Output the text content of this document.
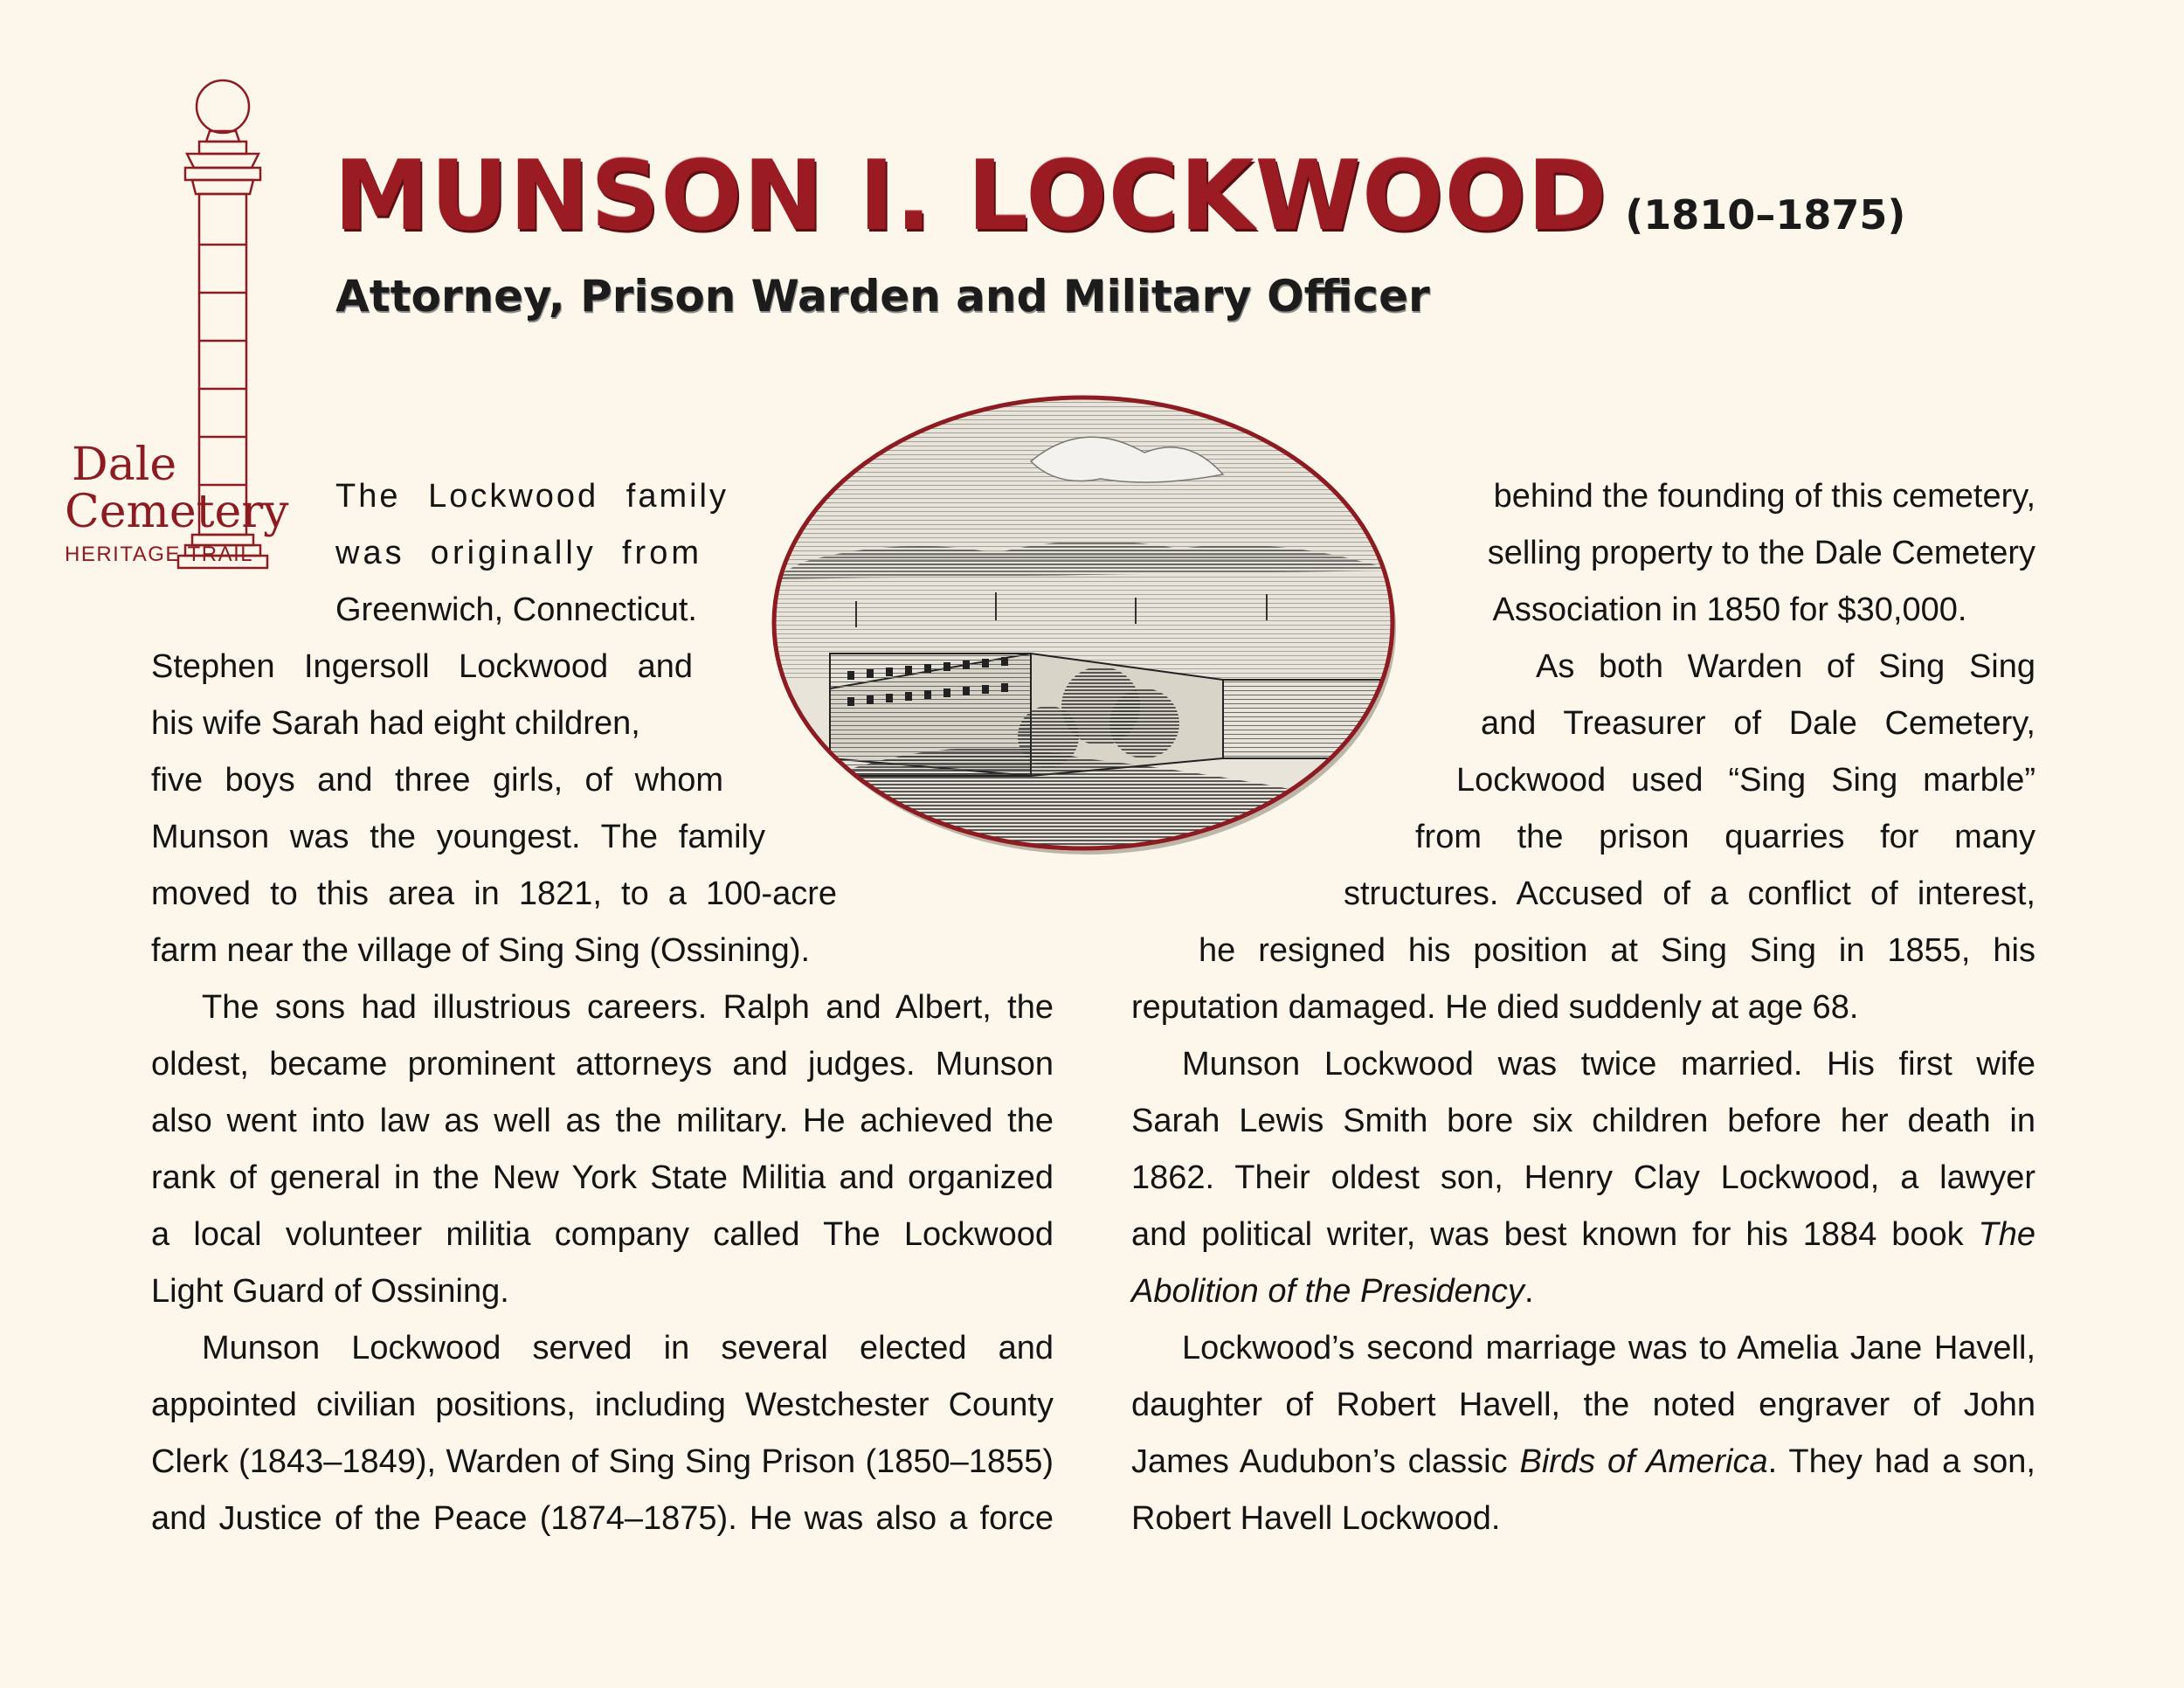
Dale
Cemetery
HERITAGE TRAIL
MUNSON I. LOCKWOOD (1810–1875)
Attorney, Prison Warden and Military Officer

The Lockwood family

was originally from

Greenwich, Connecticut.

Stephen Ingersoll Lockwood and

his wife Sarah had eight children,

five boys and three girls, of whom

Munson was the youngest. The family

moved to this area in 1821, to a 100-acre

farm near the village of Sing Sing (Ossining).

The sons had illustrious careers. Ralph and Albert, the

oldest, became prominent attorneys and judges. Munson

also went into law as well as the military. He achieved the

rank of general in the New York State Militia and organized

a local volunteer militia company called The Lockwood

Light Guard of Ossining.

Munson Lockwood served in several elected and

appointed civilian positions, including Westchester County

Clerk (1843–1849), Warden of Sing Sing Prison (1850–1855)

and Justice of the Peace (1874–1875). He was also a force

behind the founding of this cemetery,

selling property to the Dale Cemetery

Association in 1850 for $30,000.

As both Warden of Sing Sing

and Treasurer of Dale Cemetery,

Lockwood used “Sing Sing marble”

from the prison quarries for many

structures. Accused of a conflict of interest,

he resigned his position at Sing Sing in 1855, his

reputation damaged. He died suddenly at age 68.

Munson Lockwood was twice married. His first wife

Sarah Lewis Smith bore six children before her death in

1862. Their oldest son, Henry Clay Lockwood, a lawyer

and political writer, was best known for his 1884 book The

Abolition of the Presidency.

Lockwood’s second marriage was to Amelia Jane Havell,

daughter of Robert Havell, the noted engraver of John

James Audubon’s classic Birds of America. They had a son,

Robert Havell Lockwood.
